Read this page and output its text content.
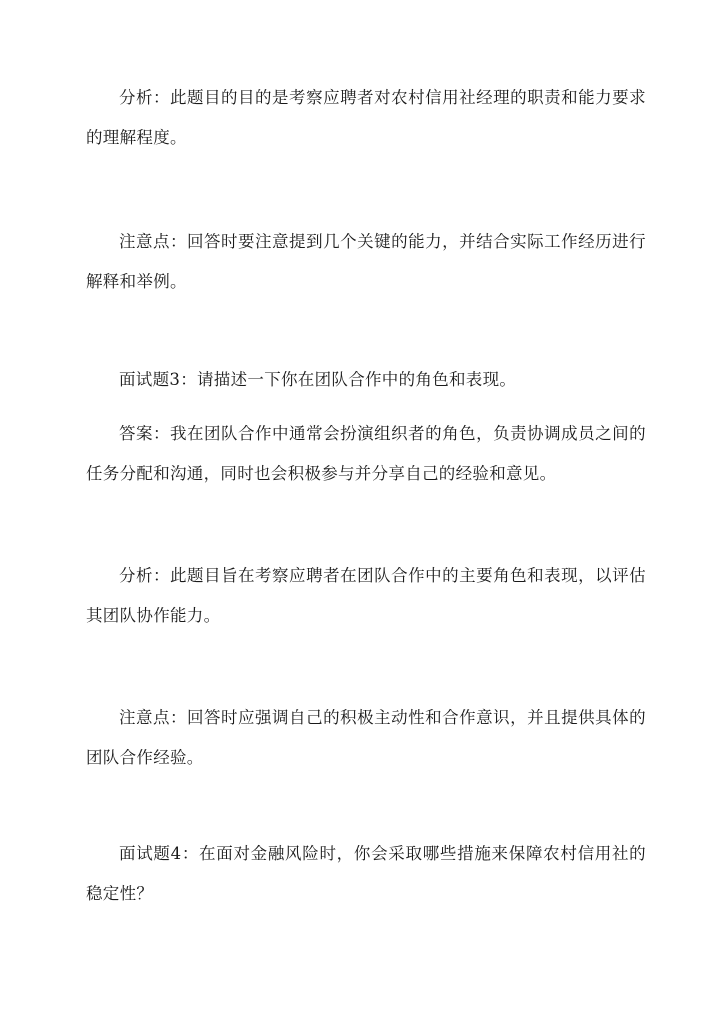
分析：此题目的目的是考察应聘者对农村信用社经理的职责和能力要求的理解程度。

注意点：回答时要注意提到几个关键的能力，并结合实际工作经历进行解释和举例。

面试题3：请描述一下你在团队合作中的角色和表现。

答案：我在团队合作中通常会扮演组织者的角色，负责协调成员之间的任务分配和沟通，同时也会积极参与并分享自己的经验和意见。

分析：此题目旨在考察应聘者在团队合作中的主要角色和表现，以评估其团队协作能力。

注意点：回答时应强调自己的积极主动性和合作意识，并且提供具体的团队合作经验。

面试题4：在面对金融风险时，你会采取哪些措施来保障农村信用社的稳定性？
